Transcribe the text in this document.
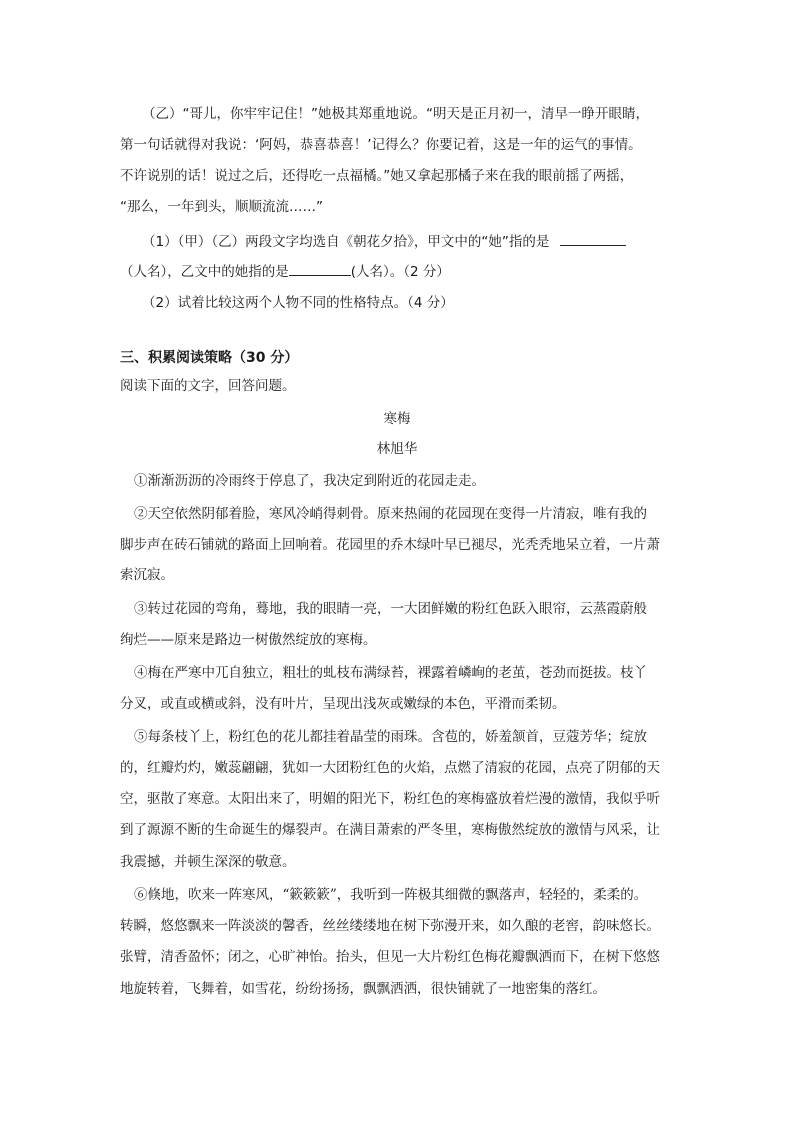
（乙）“哥儿，你牢牢记住！”她极其郑重地说。“明天是正月初一，清早一睁开眼睛，
第一句话就得对我说：‘阿妈，恭喜恭喜！’记得么？你要记着，这是一年的运气的事情。
不许说别的话！说过之后，还得吃一点福橘。”她又拿起那橘子来在我的眼前摇了两摇，
“那么，一年到头，顺顺流流……”
（1）（甲）（乙）两段文字均选自《朝花夕拾》，甲文中的“她”指的是
（人名），乙文中的她指的是	(人名）。（2 分）
（2）试着比较这两个人物不同的性格特点。（4 分）
三、积累阅读策略（30 分）
阅读下面的文字，回答问题。
寒梅
林旭华
①渐渐沥沥的冷雨终于停息了，我决定到附近的花园走走。
②天空依然阴郁着脸，寒风冷峭得刺骨。原来热闹的花园现在变得一片清寂，唯有我的
脚步声在砖石铺就的路面上回响着。花园里的乔木绿叶早已褪尽，光秃秃地呆立着，一片萧
索沉寂。
③转过花园的弯角，蓦地，我的眼睛一亮，一大团鲜嫩的粉红色跃入眼帘，云蒸霞蔚般
绚烂——原来是路边一树傲然绽放的寒梅。
④梅在严寒中兀自独立，粗壮的虬枝布满绿苔，裸露着嶙峋的老茧，苍劲而挺拔。枝丫
分叉，或直或横或斜，没有叶片，呈现出浅灰或嫩绿的本色，平滑而柔韧。
⑤每条枝丫上，粉红色的花儿都挂着晶莹的雨珠。含苞的，娇羞颔首，豆蔻芳华；绽放
的，红瓣灼灼，嫩蕊翩翩，犹如一大团粉红色的火焰，点燃了清寂的花园，点亮了阴郁的天
空，驱散了寒意。太阳出来了，明媚的阳光下，粉红色的寒梅盛放着烂漫的激情，我似乎听
到了源源不断的生命诞生的爆裂声。在满目萧索的严冬里，寒梅傲然绽放的激情与风采，让
我震撼，并顿生深深的敬意。
⑥倏地，吹来一阵寒风，“簌簌簌”，我听到一阵极其细微的飘落声，轻轻的，柔柔的。
转瞬，悠悠飘来一阵淡淡的馨香，丝丝缕缕地在树下弥漫开来，如久酿的老窖，韵味悠长。
张臂，清香盈怀；闭之，心旷神怡。抬头，但见一大片粉红色梅花瓣飘洒而下，在树下悠悠
地旋转着，飞舞着，如雪花，纷纷扬扬，飘飘洒洒，很快铺就了一地密集的落红。
